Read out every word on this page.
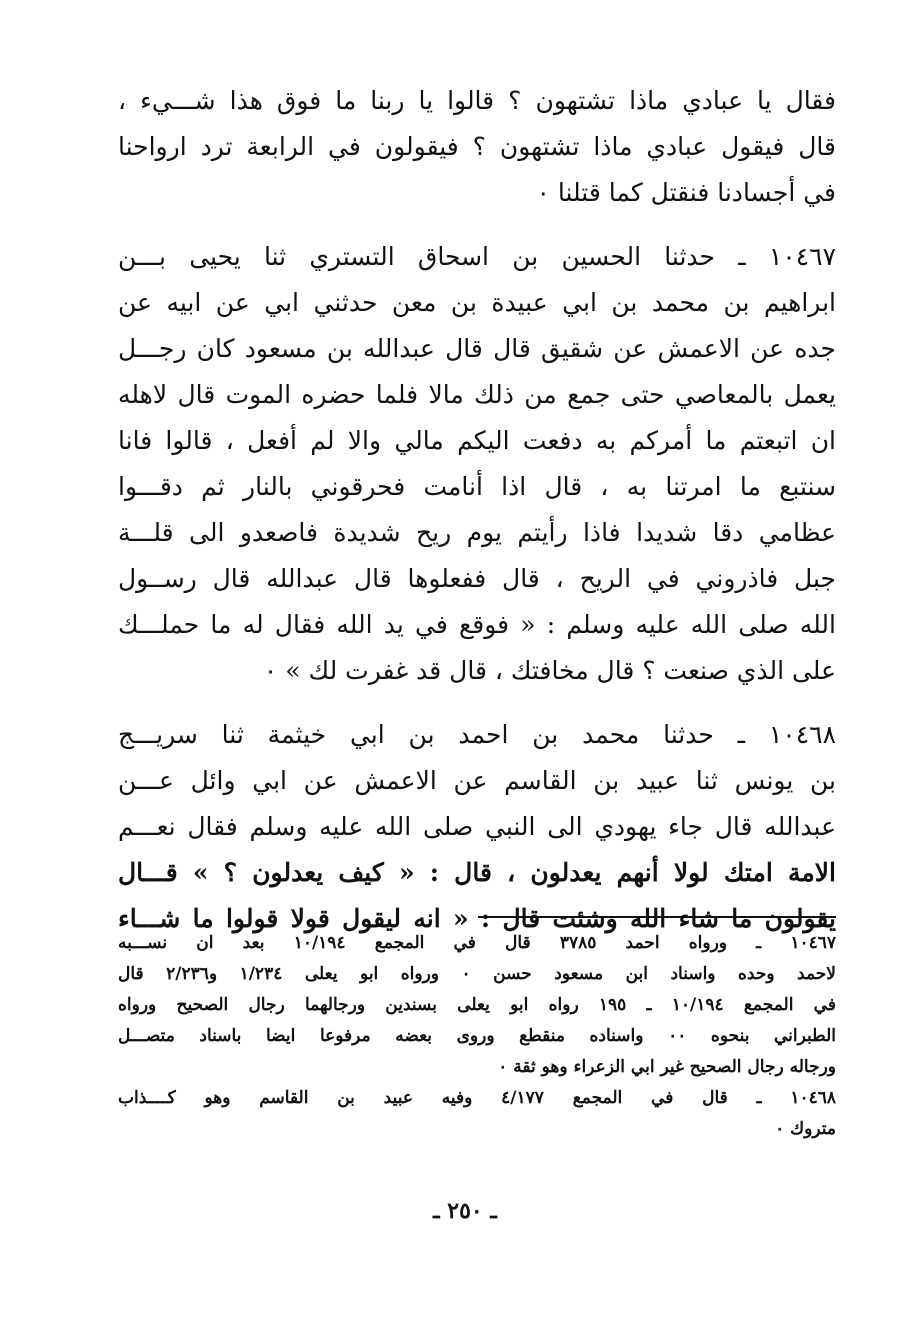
فقال يا عبادي ماذا تشتهون ؟ قالوا يا ربنا ما فوق هذا شـــيء ،
قال فيقول عبادي ماذا تشتهون ؟ فيقولون في الرابعة ترد ارواحنا
في أجسادنا فنقتل كما قتلنا ٠
١٠٤٦٧ ـ حدثنا الحسين بن اسحاق التستري ثنا يحيى بـــن
ابراهيم بن محمد بن ابي عبيدة بن معن حدثني ابي عن ابيه عن
جده عن الاعمش عن شقيق قال قال عبدالله بن مسعود كان رجـــل
يعمل بالمعاصي حتى جمع من ذلك مالا فلما حضره الموت قال لاهله
ان اتبعتم ما أمركم به دفعت اليكم مالي والا لم أفعل ، قالوا فانا
سنتبع ما امرتنا به ، قال اذا أنامت فحرقوني بالنار ثم دقـــوا
عظامي دقا شديدا فاذا رأيتم يوم ريح شديدة فاصعدو الى قلـــة
جبل فاذروني في الريح ، قال ففعلوها قال عبدالله قال رســول
الله صلى الله عليه وسلم : « فوقع في يد الله فقال له ما حملـــك
على الذي صنعت ؟ قال مخافتك ، قال قد غفرت لك » ٠
١٠٤٦٨ ـ حدثنا محمد بن احمد بن ابي خيثمة ثنا سريـــج
بن يونس ثنا عبيد بن القاسم عن الاعمش عن ابي وائل عـــن
عبدالله قال جاء يهودي الى النبي صلى الله عليه وسلم فقال نعـــم
الامة امتك لولا أنهم يعدلون ، قال : « كيف يعدلون ؟ » قـــال
يقولون ما شاء الله وشئت قال : « انه ليقول قولا قولوا ما شـــاء
١٠٤٦٧ ـ ورواه احمد ٣٧٨٥ قال في المجمع ١٠/١٩٤ بعد ان نســـبه
لاحمد وحده واسناد ابن مسعود حسن ٠ ورواه ابو يعلى ١/٢٣٤ و٢/٢٣٦ قال
في المجمع ١٠/١٩٤ ـ ١٩٥ رواه ابو يعلى بسندين ورجالهما رجال الصحيح ورواه
الطبراني بنحوه ٠٠ واسناده منقطع وروى بعضه مرفوعا ايضا باسناد متصـــل
ورجاله رجال الصحيح غير ابي الزعراء وهو ثقة ٠
١٠٤٦٨ ـ قال في المجمع ٤/١٧٧ وفيه عبيد بن القاسم وهو كــــذاب
متروك ٠
ـ ٢٥٠ ـ
